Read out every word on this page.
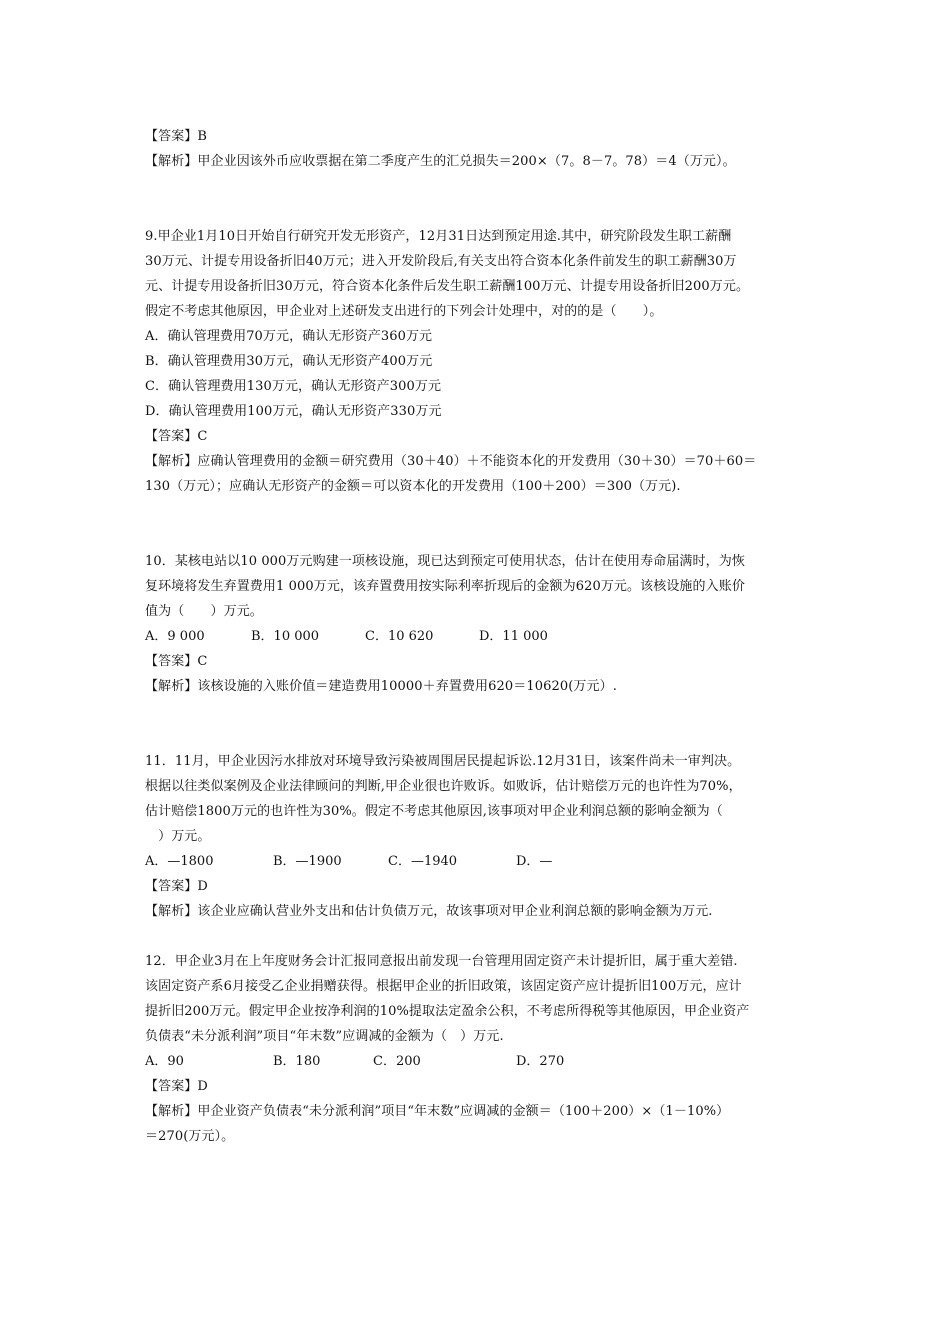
【答案】B
【解析】甲企业因该外币应收票据在第二季度产生的汇兑损失＝200×（7。8－7。78）＝4（万元）。
9.甲企业1月10日开始自行研究开发无形资产，12月31日达到预定用途.其中，研究阶段发生职工薪酬
30万元、计提专用设备折旧40万元；进入开发阶段后,有关支出符合资本化条件前发生的职工薪酬30万
元、计提专用设备折旧30万元，符合资本化条件后发生职工薪酬100万元、计提专用设备折旧200万元。
假定不考虑其他原因，甲企业对上述研发支出进行的下列会计处理中，对的的是（　　）。
A．确认管理费用70万元，确认无形资产360万元
B．确认管理费用30万元，确认无形资产400万元
C．确认管理费用130万元，确认无形资产300万元
D．确认管理费用100万元，确认无形资产330万元
【答案】C
【解析】应确认管理费用的金额＝研究费用（30＋40）＋不能资本化的开发费用（30＋30）＝70＋60＝
130（万元）；应确认无形资产的金额＝可以资本化的开发费用（100＋200）＝300（万元).
10．某核电站以10 000万元购建一项核设施，现已达到预定可使用状态，估计在使用寿命届满时，为恢
复环境将发生弃置费用1 000万元，该弃置费用按实际利率折现后的金额为620万元。该核设施的入账价
值为（　　）万元。

A．9 000

	B．10 000

	C．10 620

	D．11 000

【答案】C
【解析】该核设施的入账价值＝建造费用10000＋弃置费用620＝10620(万元）.
11．11月，甲企业因污水排放对环境导致污染被周围居民提起诉讼.12月31日，该案件尚未一审判决。
根据以往类似案例及企业法律顾问的判断,甲企业很也许败诉。如败诉，估计赔偿万元的也许性为70%，
估计赔偿1800万元的也许性为30%。假定不考虑其他原因,该事项对甲企业利润总额的影响金额为（
　）万元。

A．—1800

	B．—1900

	C．—1940

	D．—

【答案】D
【解析】该企业应确认营业外支出和估计负债万元，故该事项对甲企业利润总额的影响金额为万元.
12．甲企业3月在上年度财务会计汇报同意报出前发现一台管理用固定资产未计提折旧，属于重大差错.
该固定资产系6月接受乙企业捐赠获得。根据甲企业的折旧政策，该固定资产应计提折旧100万元，应计
提折旧200万元。假定甲企业按净利润的10%提取法定盈余公积，不考虑所得税等其他原因，甲企业资产
负债表“未分派利润”项目“年末数”应调减的金额为（　）万元.

A．90

	B．180

	C．200

	D．270

【答案】D
【解析】甲企业资产负债表“未分派利润”项目“年末数”应调减的金额＝（100＋200）×（1－10%）
＝270(万元）。
